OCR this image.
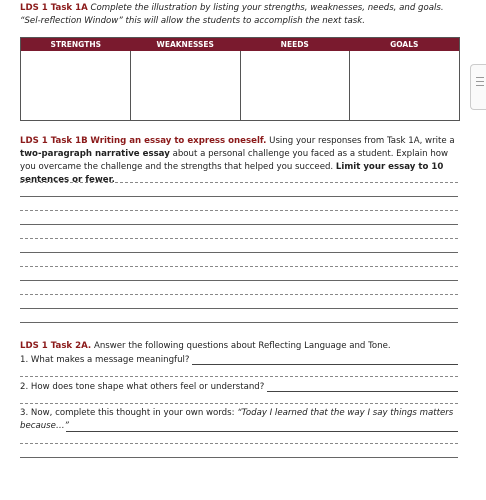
LDS 1 Task 1A Complete the illustration by listing your strengths, weaknesses, needs, and goals. “Sel-reflection Window” this will allow the students to accomplish the next task.
STRENGTHS	WEAKNESSES	NEEDS	GOALS
LDS 1 Task 1B Writing an essay to express oneself. Using your responses from Task 1A, write a two-paragraph narrative essay about a personal challenge you faced as a student. Explain how you overcame the challenge and the strengths that helped you succeed. Limit your essay to 10 sentences or fewer.
LDS 1 Task 2A. Answer the following questions about Reflecting Language and Tone.
1. What makes a message meaningful?
2. How does tone shape what others feel or understand?
3. Now, complete this thought in your own words: “Today I learned that the way I say things matters because…”
